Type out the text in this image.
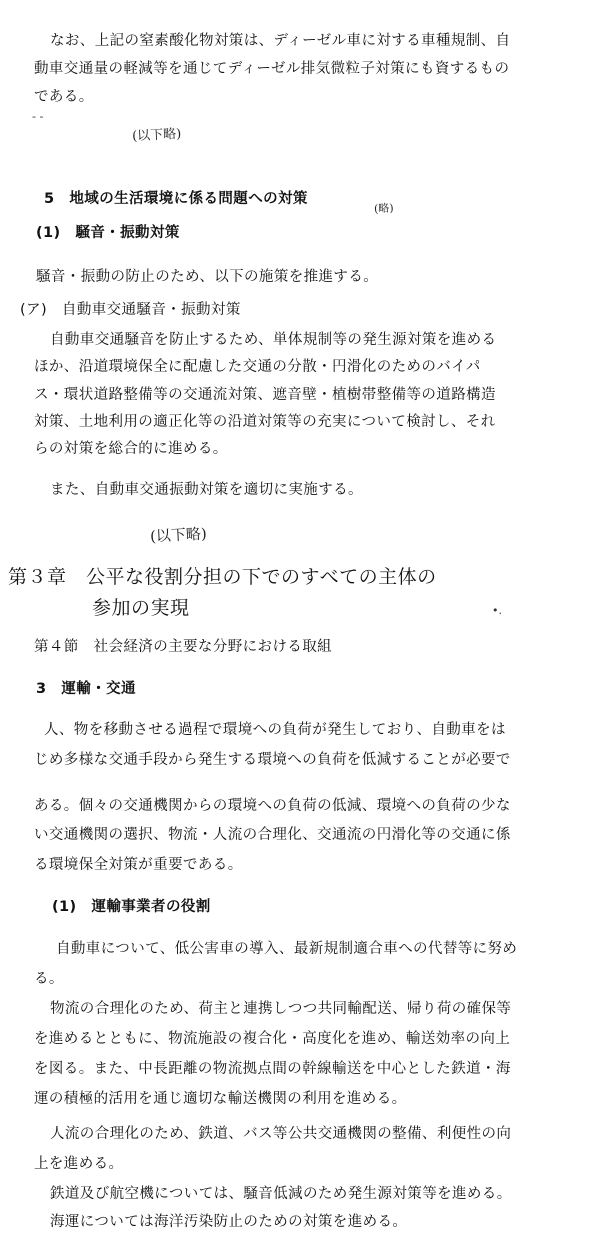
なお、上記の窒素酸化物対策は、ディーゼル車に対する車種規制、自
動車交通量の軽減等を通じてディーゼル排気微粒子対策にも資するもの
である。
- -
(以下略)
5　地域の生活環境に係る問題への対策
(略)
(1)　騒音・振動対策
騒音・振動の防止のため、以下の施策を推進する。
(ア)　自動車交通騒音・振動対策
自動車交通騒音を防止するため、単体規制等の発生源対策を進める
ほか、沿道環境保全に配慮した交通の分散・円滑化のためのバイパ
ス・環状道路整備等の交通流対策、遮音壁・植樹帯整備等の道路構造
対策、土地利用の適正化等の沿道対策等の充実について検討し、それ
らの対策を総合的に進める。
また、自動車交通振動対策を適切に実施する。
(以下略)
第３章　公平な役割分担の下でのすべての主体の
参加の実現	•.
第４節　社会経済の主要な分野における取組
3　運輸・交通
人、物を移動させる過程で環境への負荷が発生しており、自動車をは
じめ多様な交通手段から発生する環境への負荷を低減することが必要で
ある。個々の交通機関からの環境への負荷の低減、環境への負荷の少な
い交通機関の選択、物流・人流の合理化、交通流の円滑化等の交通に係
る環境保全対策が重要である。
(1)　運輸事業者の役割
自動車について、低公害車の導入、最新規制適合車への代替等に努め
る。
物流の合理化のため、荷主と連携しつつ共同輸配送、帰り荷の確保等
を進めるとともに、物流施設の複合化・高度化を進め、輸送効率の向上
を図る。また、中長距離の物流拠点間の幹線輸送を中心とした鉄道・海
運の積極的活用を通じ適切な輸送機関の利用を進める。
人流の合理化のため、鉄道、バス等公共交通機関の整備、利便性の向
上を進める。
鉄道及び航空機については、騒音低減のため発生源対策等を進める。
海運については海洋汚染防止のための対策を進める。
